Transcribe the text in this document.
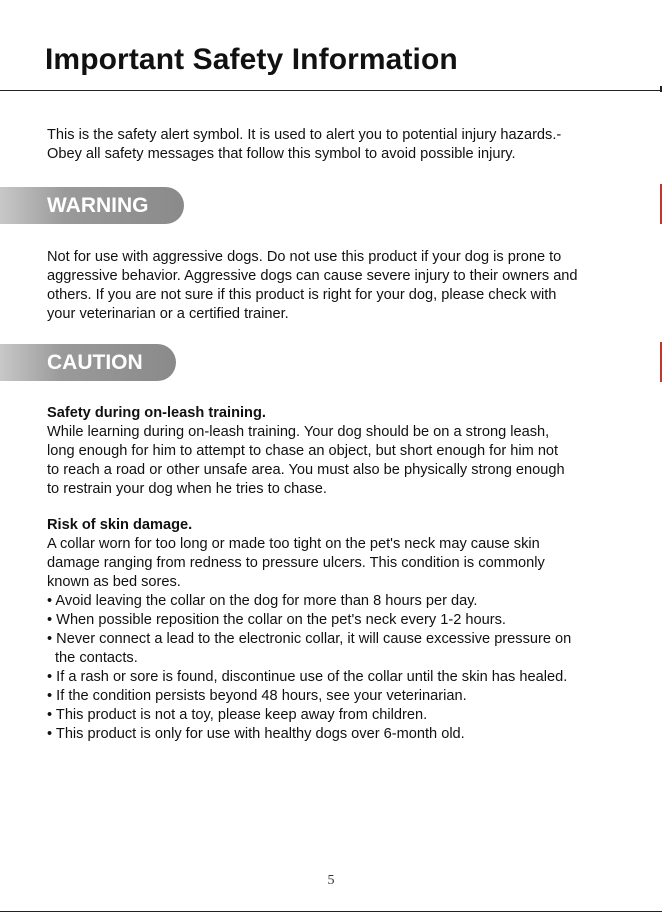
Important Safety Information

This is the safety alert symbol. It is used to alert you to potential injury hazards.-
Obey all safety messages that follow this symbol to avoid possible injury.

WARNING

Not for use with aggressive dogs. Do not use this product if your dog is prone to
aggressive behavior. Aggressive dogs can cause severe injury to their owners and
others. If you are not sure if this product is right for your dog, please check with
your veterinarian or a certified trainer.

CAUTION
Safety during on-leash training.
While learning during on-leash training. Your dog should be on a strong leash,
long enough for him to attempt to chase an object, but short enough for him not
to reach a road or other unsafe area. You must also be physically strong enough
to restrain your dog when he tries to chase.
Risk of skin damage.
A collar worn for too long or made too tight on the pet's neck may cause skin
damage ranging from redness to pressure ulcers. This condition is commonly
known as bed sores.
• Avoid leaving the collar on the dog for more than 8 hours per day.
• When possible reposition the collar on the pet's neck every 1-2 hours.
• Never connect a lead to the electronic collar, it will cause excessive pressure on
the contacts.
• If a rash or sore is found, discontinue use of the collar until the skin has healed.
• If the condition persists beyond 48 hours, see your veterinarian.
• This product is not a toy, please keep away from children.
• This product is only for use with healthy dogs over 6-month old.
5
